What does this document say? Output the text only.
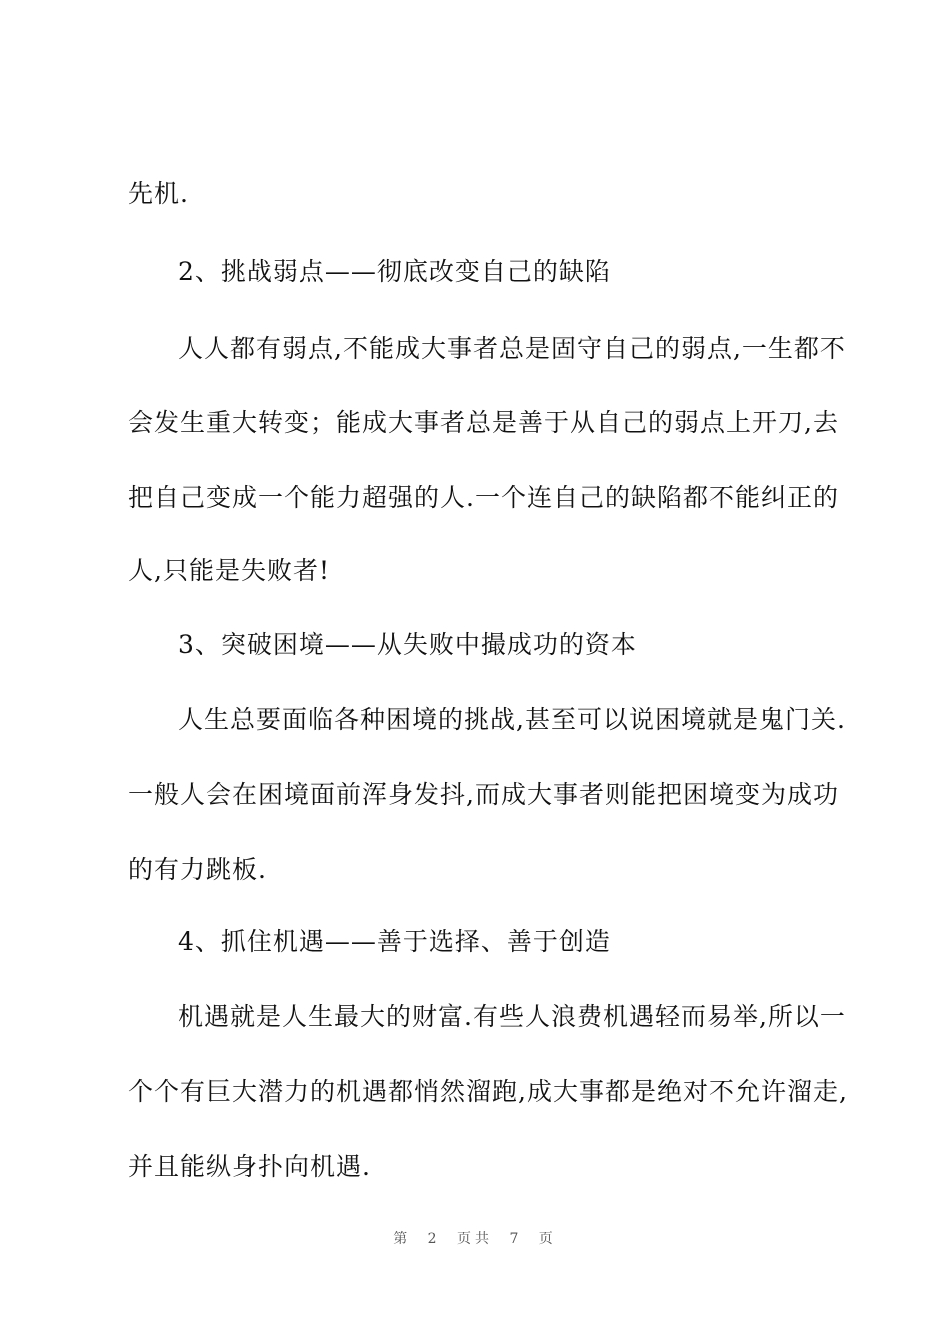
先机.
2、挑战弱点——彻底改变自己的缺陷
人人都有弱点,不能成大事者总是固守自己的弱点,一生都不
会发生重大转变；能成大事者总是善于从自己的弱点上开刀,去
把自己变成一个能力超强的人.一个连自己的缺陷都不能纠正的
人,只能是失败者!
3、突破困境——从失败中撮成功的资本
人生总要面临各种困境的挑战,甚至可以说困境就是鬼门关.
一般人会在困境面前浑身发抖,而成大事者则能把困境变为成功
的有力跳板.
4、抓住机遇——善于选择、善于创造
机遇就是人生最大的财富.有些人浪费机遇轻而易举,所以一
个个有巨大潜力的机遇都悄然溜跑,成大事都是绝对不允许溜走,
并且能纵身扑向机遇.
第 2 页共 7 页
